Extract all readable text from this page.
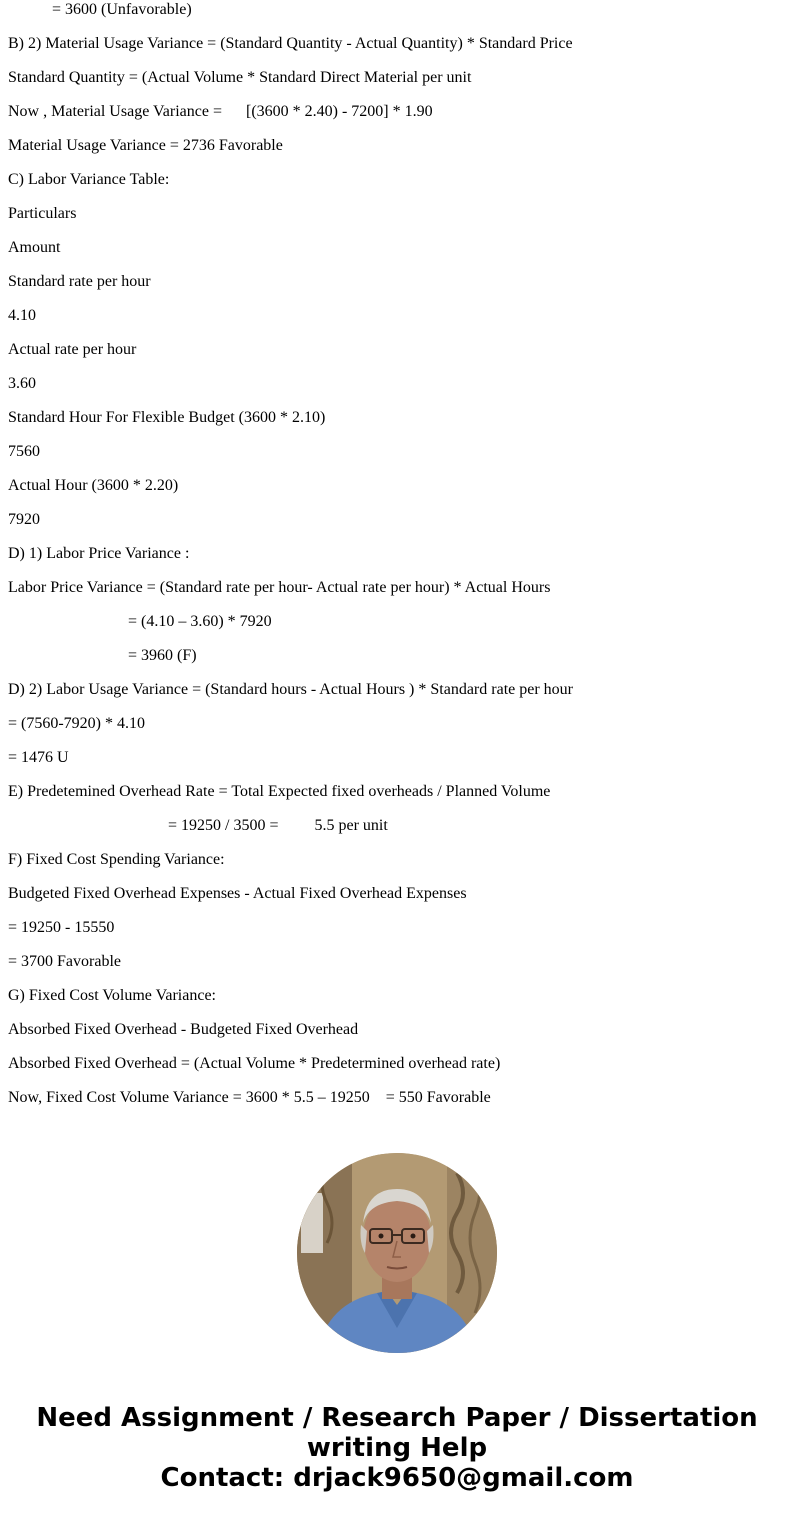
= 3600 (Unfavorable)

B) 2) Material Usage Variance = (Standard Quantity - Actual Quantity) * Standard Price

Standard Quantity = (Actual Volume * Standard Direct Material per unit

Now , Material Usage Variance =      [(3600 * 2.40) - 7200] * 1.90

Material Usage Variance = 2736 Favorable

C) Labor Variance Table:

Particulars

Amount

Standard rate per hour

4.10

Actual rate per hour

3.60

Standard Hour For Flexible Budget (3600 * 2.10)

7560

Actual Hour (3600 * 2.20)

7920

D) 1) Labor Price Variance :

Labor Price Variance = (Standard rate per hour- Actual rate per hour) * Actual Hours

= (4.10 – 3.60) * 7920

= 3960 (F)

D) 2) Labor Usage Variance = (Standard hours - Actual Hours ) * Standard rate per hour

= (7560-7920) * 4.10

= 1476 U

E) Predetemined Overhead Rate = Total Expected fixed overheads / Planned Volume

= 19250 / 3500 =         5.5 per unit

F) Fixed Cost Spending Variance:

Budgeted Fixed Overhead Expenses - Actual Fixed Overhead Expenses

= 19250 - 15550

= 3700 Favorable

G) Fixed Cost Volume Variance:

Absorbed Fixed Overhead - Budgeted Fixed Overhead

Absorbed Fixed Overhead = (Actual Volume * Predetermined overhead rate)

Now, Fixed Cost Volume Variance = 3600 * 5.5 – 19250    = 550 Favorable

Need Assignment / Research Paper / Dissertation
writing Help
Contact: drjack9650@gmail.com
